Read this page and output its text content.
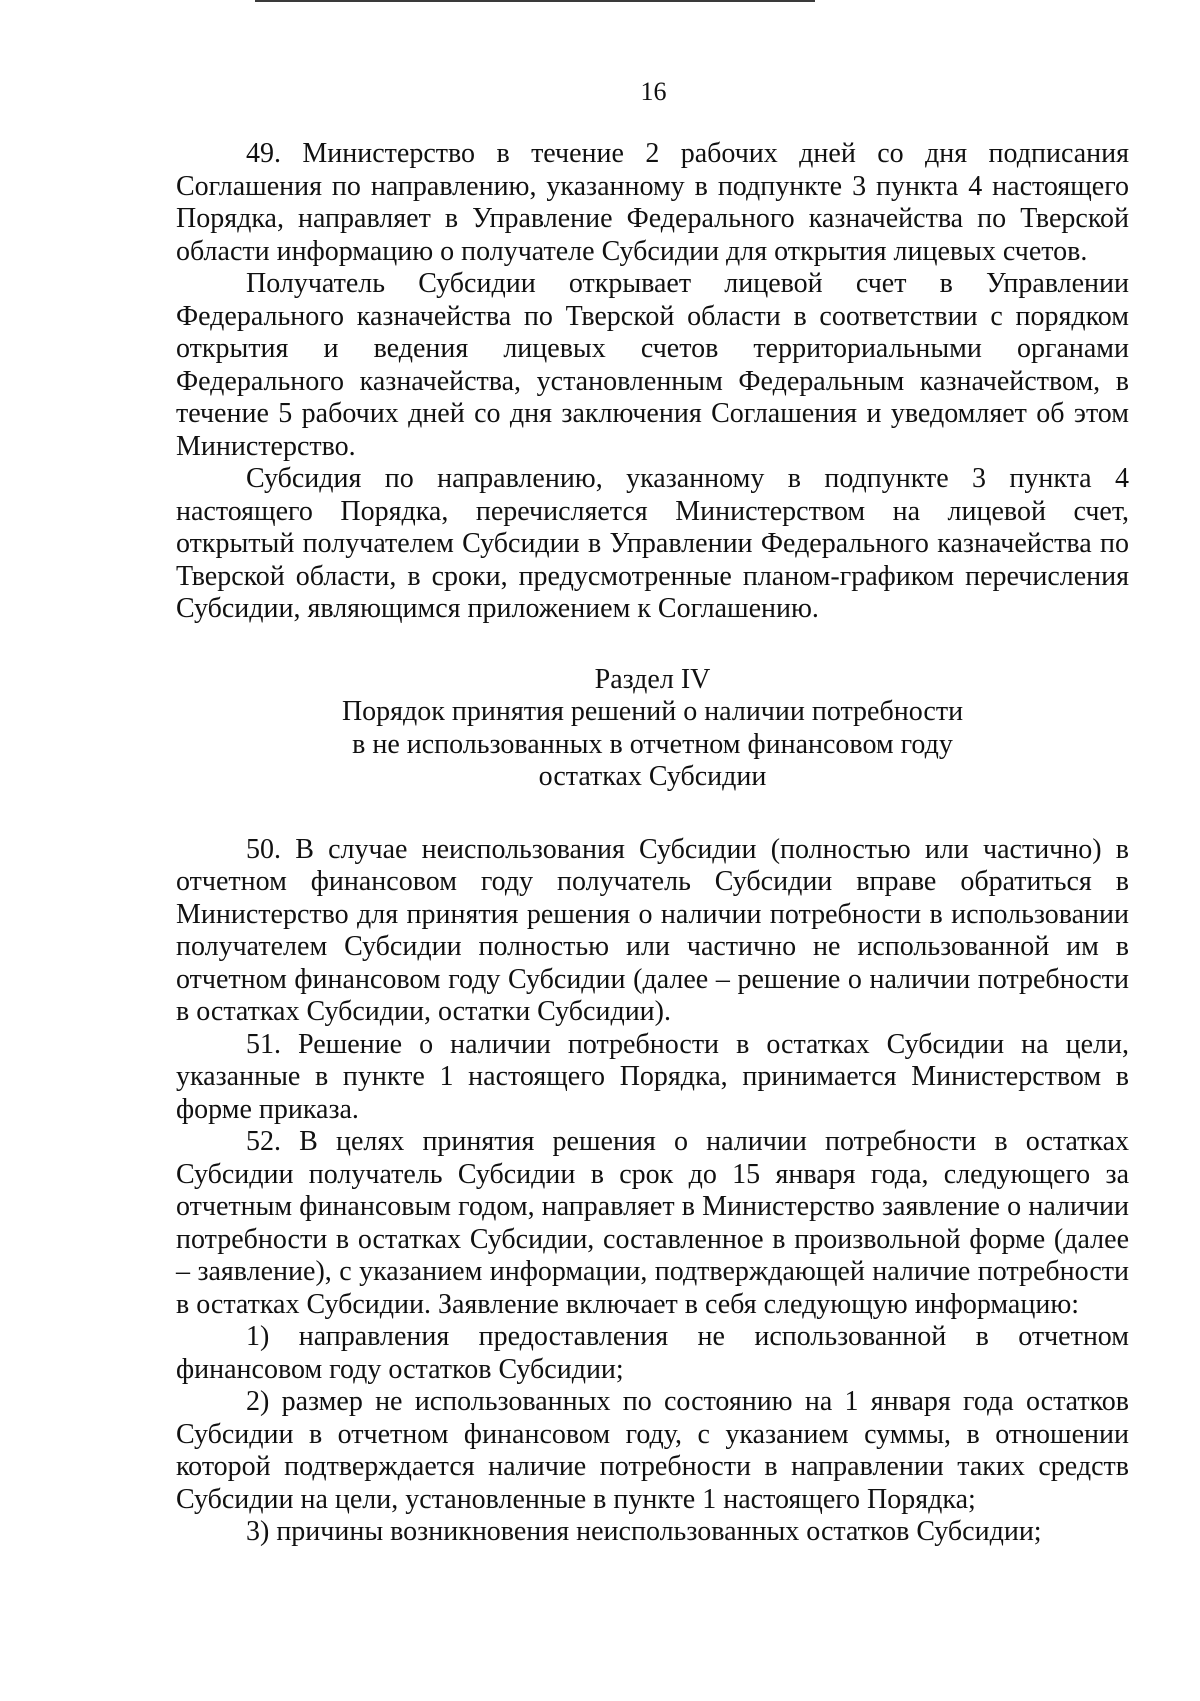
16

49. Министерство в течение 2 рабочих дней со дня подписания Соглашения по направлению, указанному в подпункте 3 пункта 4 настоящего Порядка, направляет в Управление Федерального казначейства по Тверской области информацию о получателе Субсидии для открытия лицевых счетов.

Получатель Субсидии открывает лицевой счет в Управлении Федерального казначейства по Тверской области в соответствии с порядком открытия и ведения лицевых счетов территориальными органами Федерального казначейства, установленным Федеральным казначейством, в течение 5 рабочих дней со дня заключения Соглашения и уведомляет об этом Министерство.

Субсидия по направлению, указанному в подпункте 3 пункта 4 настоящего Порядка, перечисляется Министерством на лицевой счет, открытый получателем Субсидии в Управлении Федерального казначейства по Тверской области, в сроки, предусмотренные планом-графиком перечисления Субсидии, являющимся приложением к Соглашению.

Раздел IV
Порядок принятия решений о наличии потребности
в не использованных в отчетном финансовом году
остатках Субсидии

50. В случае неиспользования Субсидии (полностью или частично) в отчетном финансовом году получатель Субсидии вправе обратиться в Министерство для принятия решения о наличии потребности в использовании получателем Субсидии полностью или частично не использованной им в отчетном финансовом году Субсидии (далее – решение о наличии потребности в остатках Субсидии, остатки Субсидии).

51. Решение о наличии потребности в остатках Субсидии на цели, указанные в пункте 1 настоящего Порядка, принимается Министерством в форме приказа.

52. В целях принятия решения о наличии потребности в остатках Субсидии получатель Субсидии в срок до 15 января года, следующего за отчетным финансовым годом, направляет в Министерство заявление о наличии потребности в остатках Субсидии, составленное в произвольной форме (далее – заявление), с указанием информации, подтверждающей наличие потребности в остатках Субсидии. Заявление включает в себя следующую информацию:

1) направления предоставления не использованной в отчетном финансовом году остатков Субсидии;

2) размер не использованных по состоянию на 1 января года остатков Субсидии в отчетном финансовом году, с указанием суммы, в отношении которой подтверждается наличие потребности в направлении таких средств Субсидии на цели, установленные в пункте 1 настоящего Порядка;

3) причины возникновения неиспользованных остатков Субсидии;
